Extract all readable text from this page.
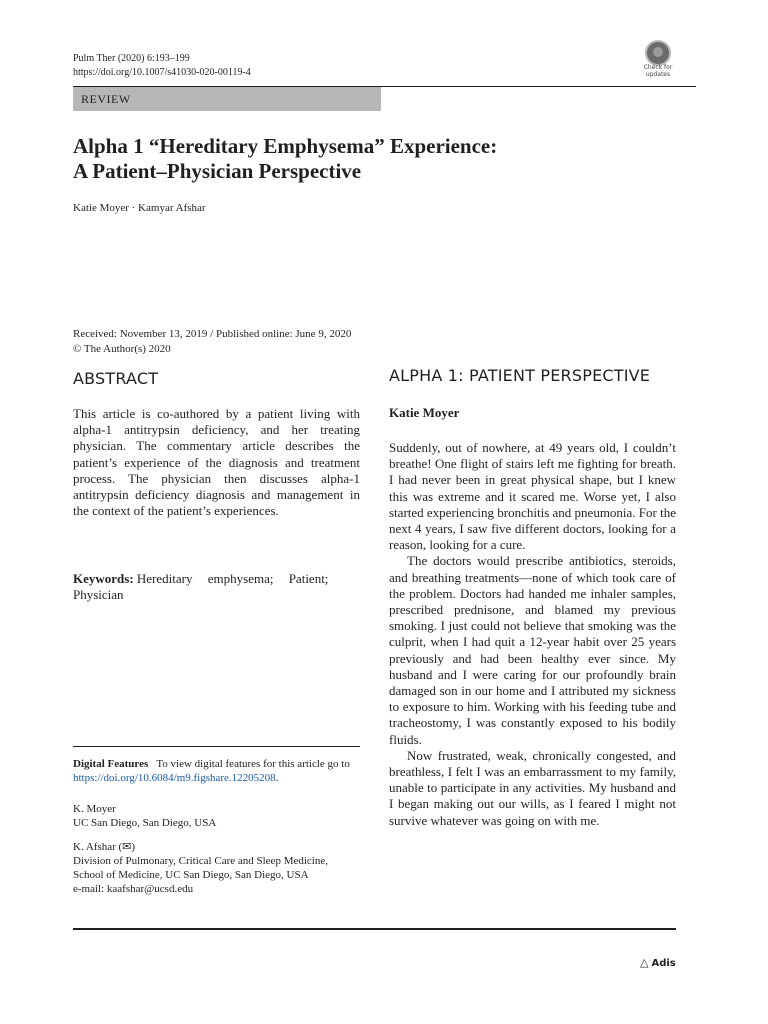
Pulm Ther (2020) 6:193–199
https://doi.org/10.1007/s41030-020-00119-4	Check for
updates
REVIEW
Alpha 1 “Hereditary Emphysema” Experience:
A Patient–Physician Perspective
Katie Moyer · Kamyar Afshar
Received: November 13, 2019 / Published online: June 9, 2020
© The Author(s) 2020
ABSTRACT

This article is co-authored by a patient living with alpha-1 antitrypsin deficiency, and her treating physician. The commentary article describes the patient’s experience of the diagnosis and treatment process. The physician then discusses alpha-1 antitrypsin deficiency diagnosis and management in the context of the patient’s experiences.

Keywords: Hereditary emphysema; Patient; Physician

Digital Features To view digital features for this article go to https://doi.org/10.6084/m9.figshare.12205208.
K. Moyer
UC San Diego, San Diego, USA
K. Afshar (✉)
Division of Pulmonary, Critical Care and Sleep Medicine, School of Medicine, UC San Diego, San Diego, USA
e-mail: kaafshar@ucsd.edu
ALPHA 1: PATIENT PERSPECTIVE
Katie Moyer

Suddenly, out of nowhere, at 49 years old, I couldn’t breathe! One flight of stairs left me fighting for breath. I had never been in great physical shape, but I knew this was extreme and it scared me. Worse yet, I also started experiencing bronchitis and pneumonia. For the next 4 years, I saw five different doctors, looking for a reason, looking for a cure.

The doctors would prescribe antibiotics, steroids, and breathing treatments—none of which took care of the problem. Doctors had handed me inhaler samples, prescribed prednisone, and blamed my previous smoking. I just could not believe that smoking was the culprit, when I had quit a 12-year habit over 25 years previously and had been healthy ever since. My husband and I were caring for our profoundly brain damaged son in our home and I attributed my sickness to exposure to him. Working with his feeding tube and tracheostomy, I was constantly exposed to his bodily fluids.

Now frustrated, weak, chronically congested, and breathless, I felt I was an embarrassment to my family, unable to participate in any activities. My husband and I began making out our wills, as I feared I might not survive whatever was going on with me.

△ Adis
